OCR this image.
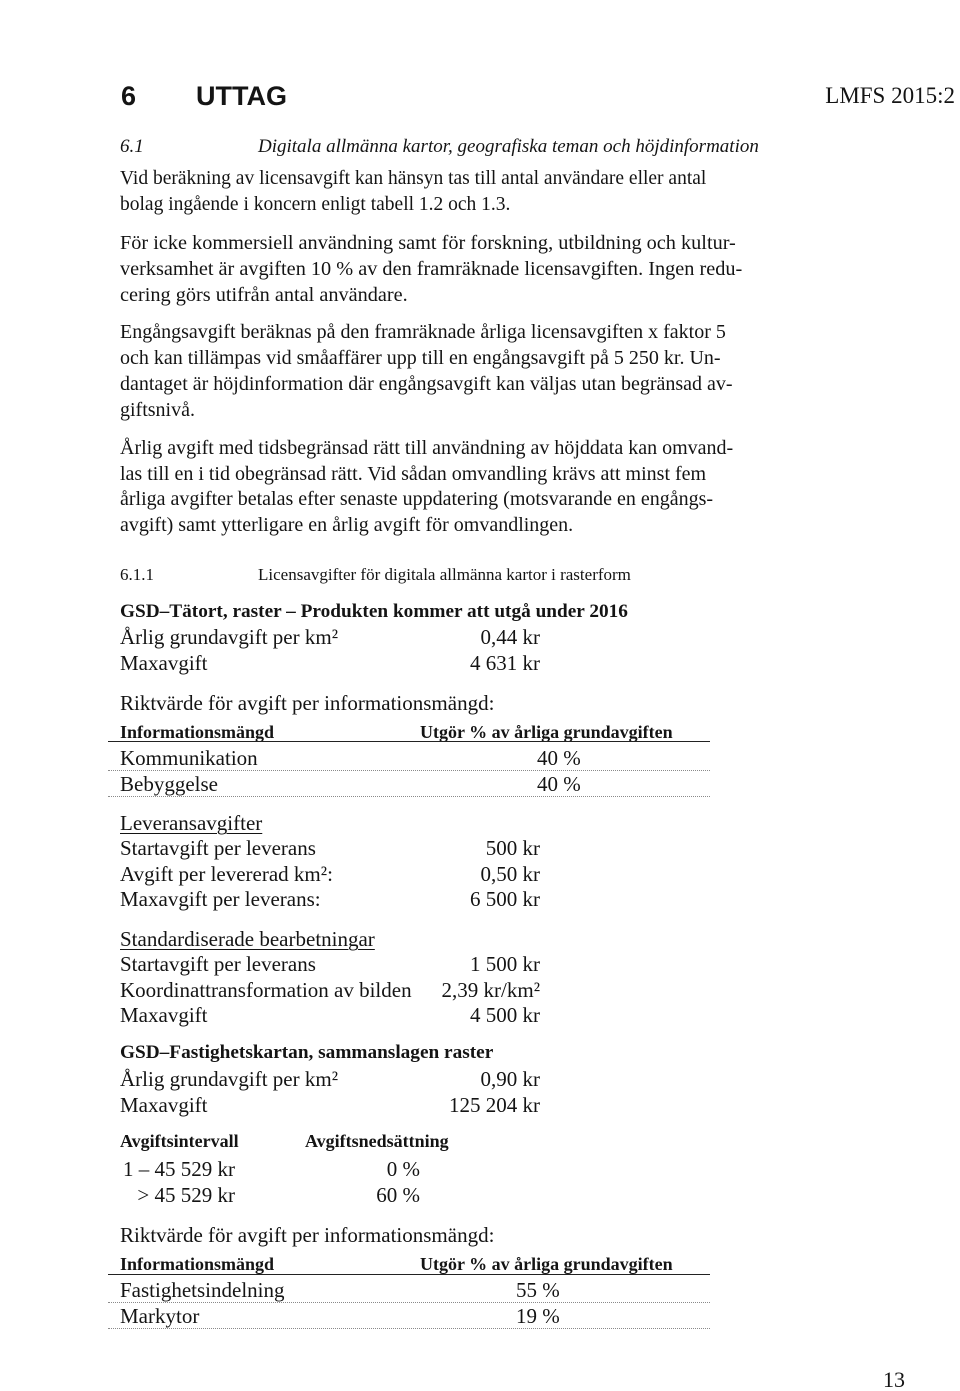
6 UTTAG	LMFS 2015:2
6.1	Digitala allmänna kartor, geografiska teman och höjdinformation
Vid beräkning av licensavgift kan hänsyn tas till antal användare eller antal
bolag ingående i koncern enligt tabell 1.2 och 1.3.
För icke kommersiell användning samt för forskning, utbildning och kultur-
verksamhet är avgiften 10 % av den framräknade licensavgiften. Ingen redu-
cering görs utifrån antal användare.
Engångsavgift beräknas på den framräknade årliga licensavgiften x faktor 5
och kan tillämpas vid småaffärer upp till en engångsavgift på 5 250 kr. Un-
dantaget är höjdinformation där engångsavgift kan väljas utan begränsad av-
giftsnivå.
Årlig avgift med tidsbegränsad rätt till användning av höjddata kan omvand-
las till en i tid obegränsad rätt. Vid sådan omvandling krävs att minst fem
årliga avgifter betalas efter senaste uppdatering (motsvarande en engångs-
avgift) samt ytterligare en årlig avgift för omvandlingen.
6.1.1	Licensavgifter för digitala allmänna kartor i rasterform
GSD–Tätort, raster – Produkten kommer att utgå under 2016
Årlig grundavgift per km²	0,44 kr
Maxavgift	4 631 kr
Riktvärde för avgift per informationsmängd:
Informationsmängd	Utgör % av årliga grundavgiften
Kommunikation	40 %
Bebyggelse	40 %
Leveransavgifter
Startavgift per leverans	500 kr
Avgift per levererad km²:	0,50 kr
Maxavgift per leverans:	6 500 kr
Standardiserade bearbetningar
Startavgift per leverans	1 500 kr
Koordinattransformation av bilden	2,39 kr/km²
Maxavgift	4 500 kr
GSD–Fastighetskartan, sammanslagen raster
Årlig grundavgift per km²	0,90 kr
Maxavgift	125 204 kr
Avgiftsintervall	Avgiftsnedsättning
1 – 45 529 kr	0 %
> 45 529 kr	60 %
Riktvärde för avgift per informationsmängd:
Informationsmängd	Utgör % av årliga grundavgiften
Fastighetsindelning	55 %
Markytor	19 %
13
